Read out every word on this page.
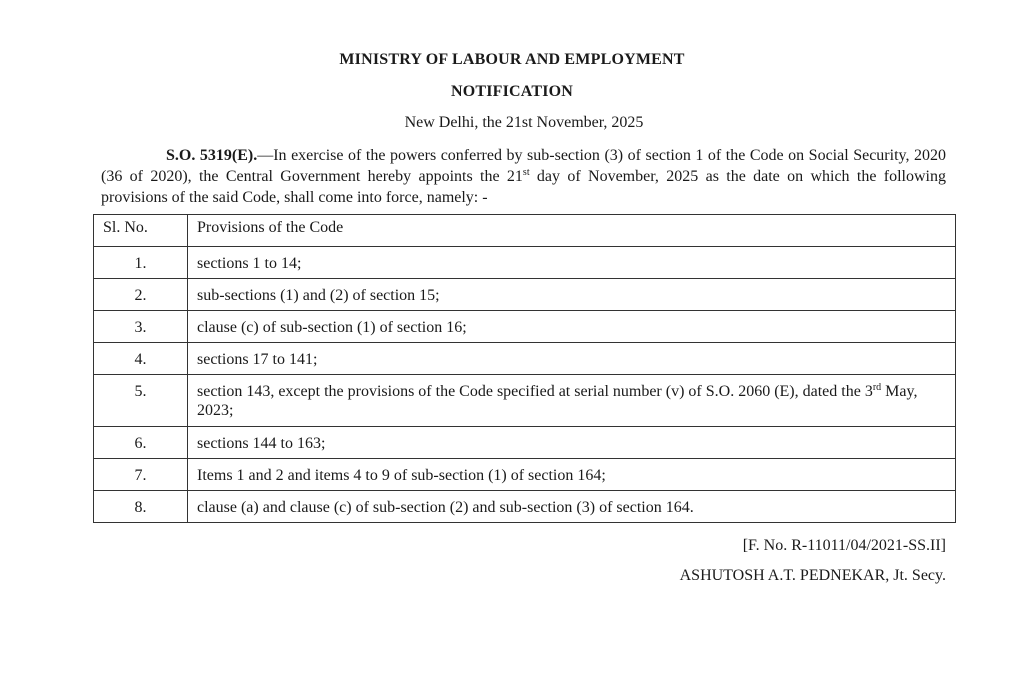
MINISTRY OF LABOUR AND EMPLOYMENT
NOTIFICATION
New Delhi, the 21st November, 2025
S.O. 5319(E).—In exercise of the powers conferred by sub-section (3) of section 1 of the Code on Social Security, 2020 (36 of 2020), the Central Government hereby appoints the 21st day of November, 2025 as the date on which the following provisions of the said Code, shall come into force, namely: -
Sl. No.	Provisions of the Code
1.	sections 1 to 14;
2.	sub-sections (1) and (2) of section 15;
3.	clause (c) of sub-section (1) of section 16;
4.	sections 17 to 141;
5.	section 143, except the provisions of the Code specified at serial number (v) of S.O. 2060 (E), dated the 3rd May, 2023;
6.	sections 144 to 163;
7.	Items 1 and 2 and items 4 to 9 of sub-section (1) of section 164;
8.	clause (a) and clause (c) of sub-section (2) and sub-section (3) of section 164.
[F. No. R-11011/04/2021-SS.II]
ASHUTOSH A.T. PEDNEKAR, Jt. Secy.
